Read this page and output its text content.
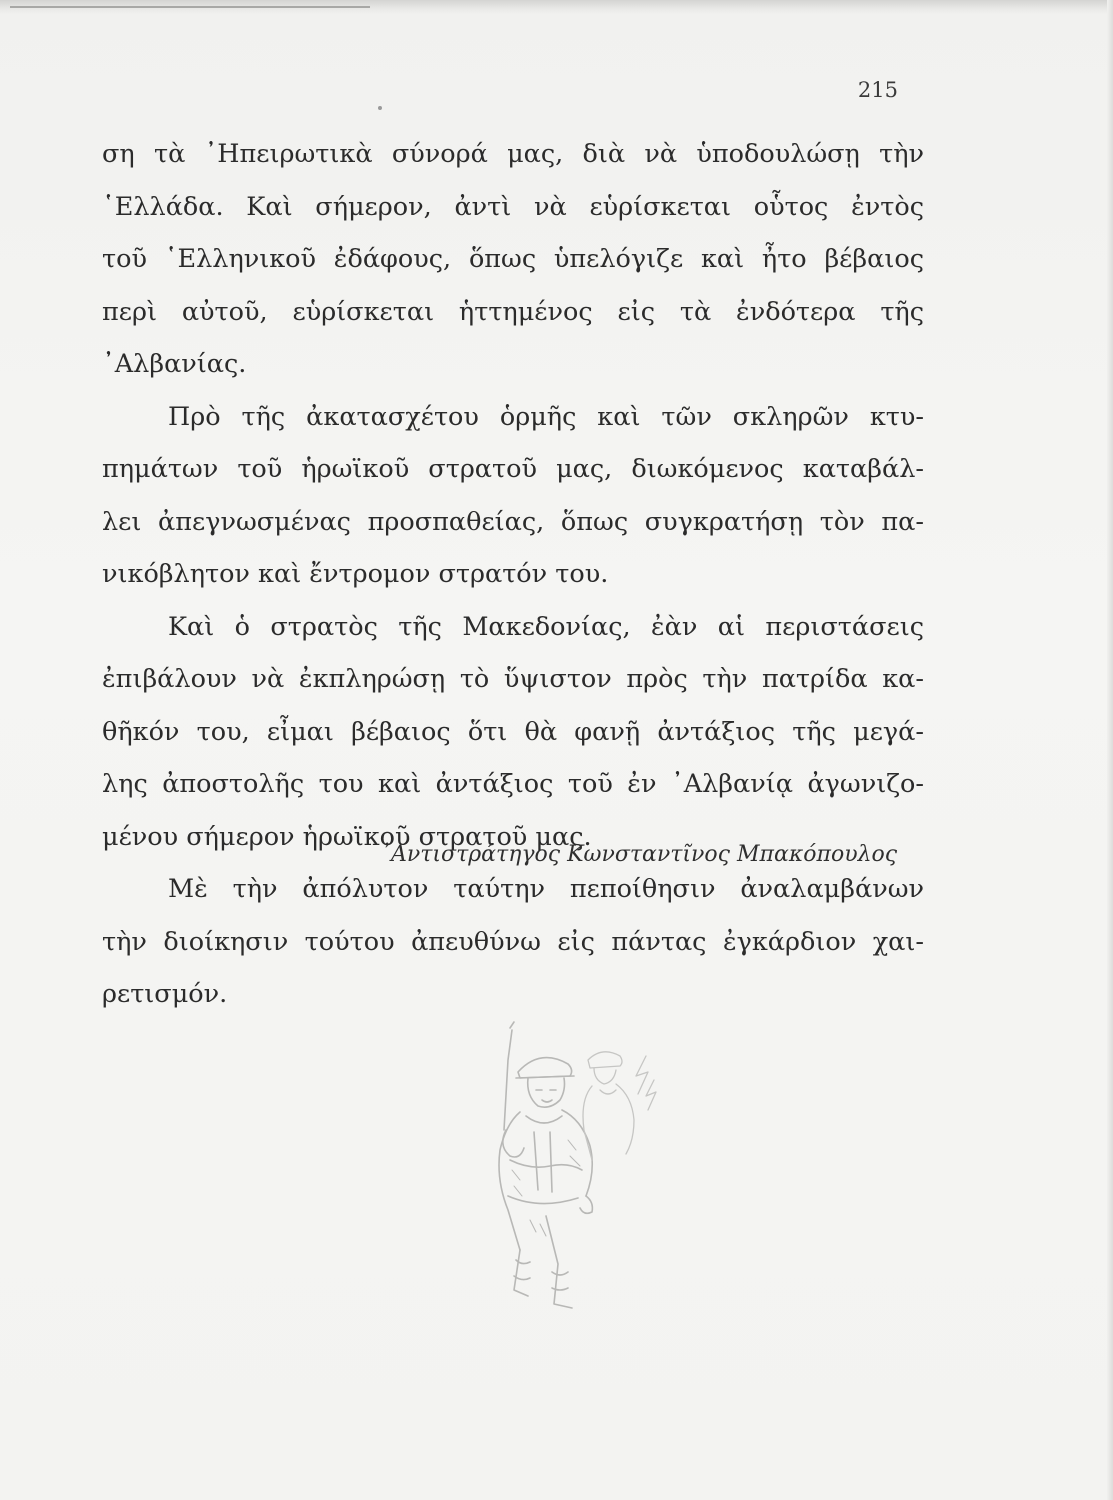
215
ση τὰ ᾿Ηπειρωτικὰ σύνορά μας, διὰ νὰ ὑποδουλώσῃ τὴν
῾Ελλάδα. Καὶ σήμερον, ἀντὶ νὰ εὑρίσκεται οὗτος ἐντὸς
τοῦ ῾Ελληνικοῦ ἐδάφους, ὅπως ὑπελόγιζε καὶ ἦτο βέβαιος
περὶ αὐτοῦ, εὑρίσκεται ἡττημένος εἰς τὰ ἐνδότερα τῆς
᾿Αλβανίας.
Πρὸ τῆς ἀκατασχέτου ὁρμῆς καὶ τῶν σκληρῶν κτυ-
πημάτων τοῦ ἡρωϊκοῦ στρατοῦ μας, διωκόμενος καταβάλ-
λει ἀπεγνωσμένας προσπαθείας, ὅπως συγκρατήσῃ τὸν πα-
νικόβλητον καὶ ἔντρομον στρατόν του.
Καὶ ὁ στρατὸς τῆς Μακεδονίας, ἐὰν αἱ περιστάσεις
ἐπιβάλουν νὰ ἐκπληρώσῃ τὸ ὕψιστον πρὸς τὴν πατρίδα κα-
θῆκόν του, εἶμαι βέβαιος ὅτι θὰ φανῇ ἀντάξιος τῆς μεγά-
λης ἀποστολῆς του καὶ ἀντάξιος τοῦ ἐν ᾿Αλβανίᾳ ἀγωνιζο-
μένου σήμερον ἡρωϊκοῦ στρατοῦ μας.
Μὲ τὴν ἀπόλυτον ταύτην πεποίθησιν ἀναλαμβάνων
τὴν διοίκησιν τούτου ἀπευθύνω εἰς πάντας ἐγκάρδιον χαι-
ρετισμόν.
᾿Αντιστράτηγος Κωνσταντῖνος Μπακόπουλος
